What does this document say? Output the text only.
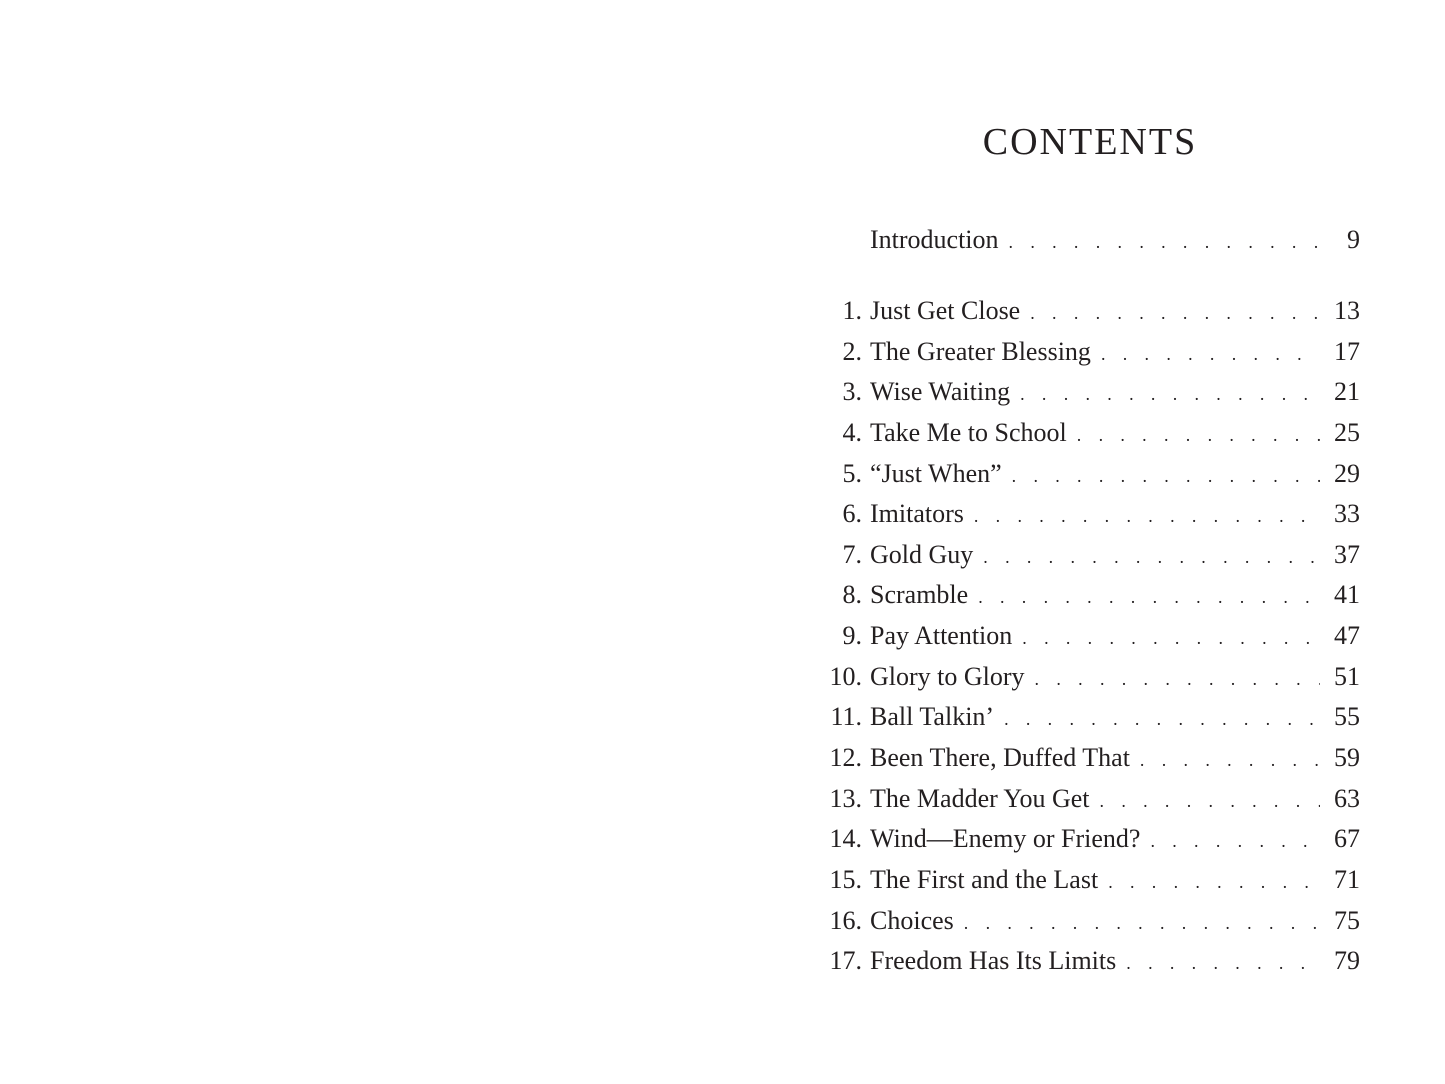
CONTENTS
Introduction . . .	9
1. Just Get Close . . .	13
2. The Greater Blessing . . .	17
3. Wise Waiting . . .	21
4. Take Me to School . . .	25
5. “Just When” . . .	29
6. Imitators . . .	33
7. Gold Guy . . .	37
8. Scramble . . .	41
9. Pay Attention . . .	47
10. Glory to Glory . . .	51
11. Ball Talkin’ . . .	55
12. Been There, Duffed That . . .	59
13. The Madder You Get . . .	63
14. Wind—Enemy or Friend? . . .	67
15. The First and the Last . . .	71
16. Choices . . .	75
17. Freedom Has Its Limits . . .	79
